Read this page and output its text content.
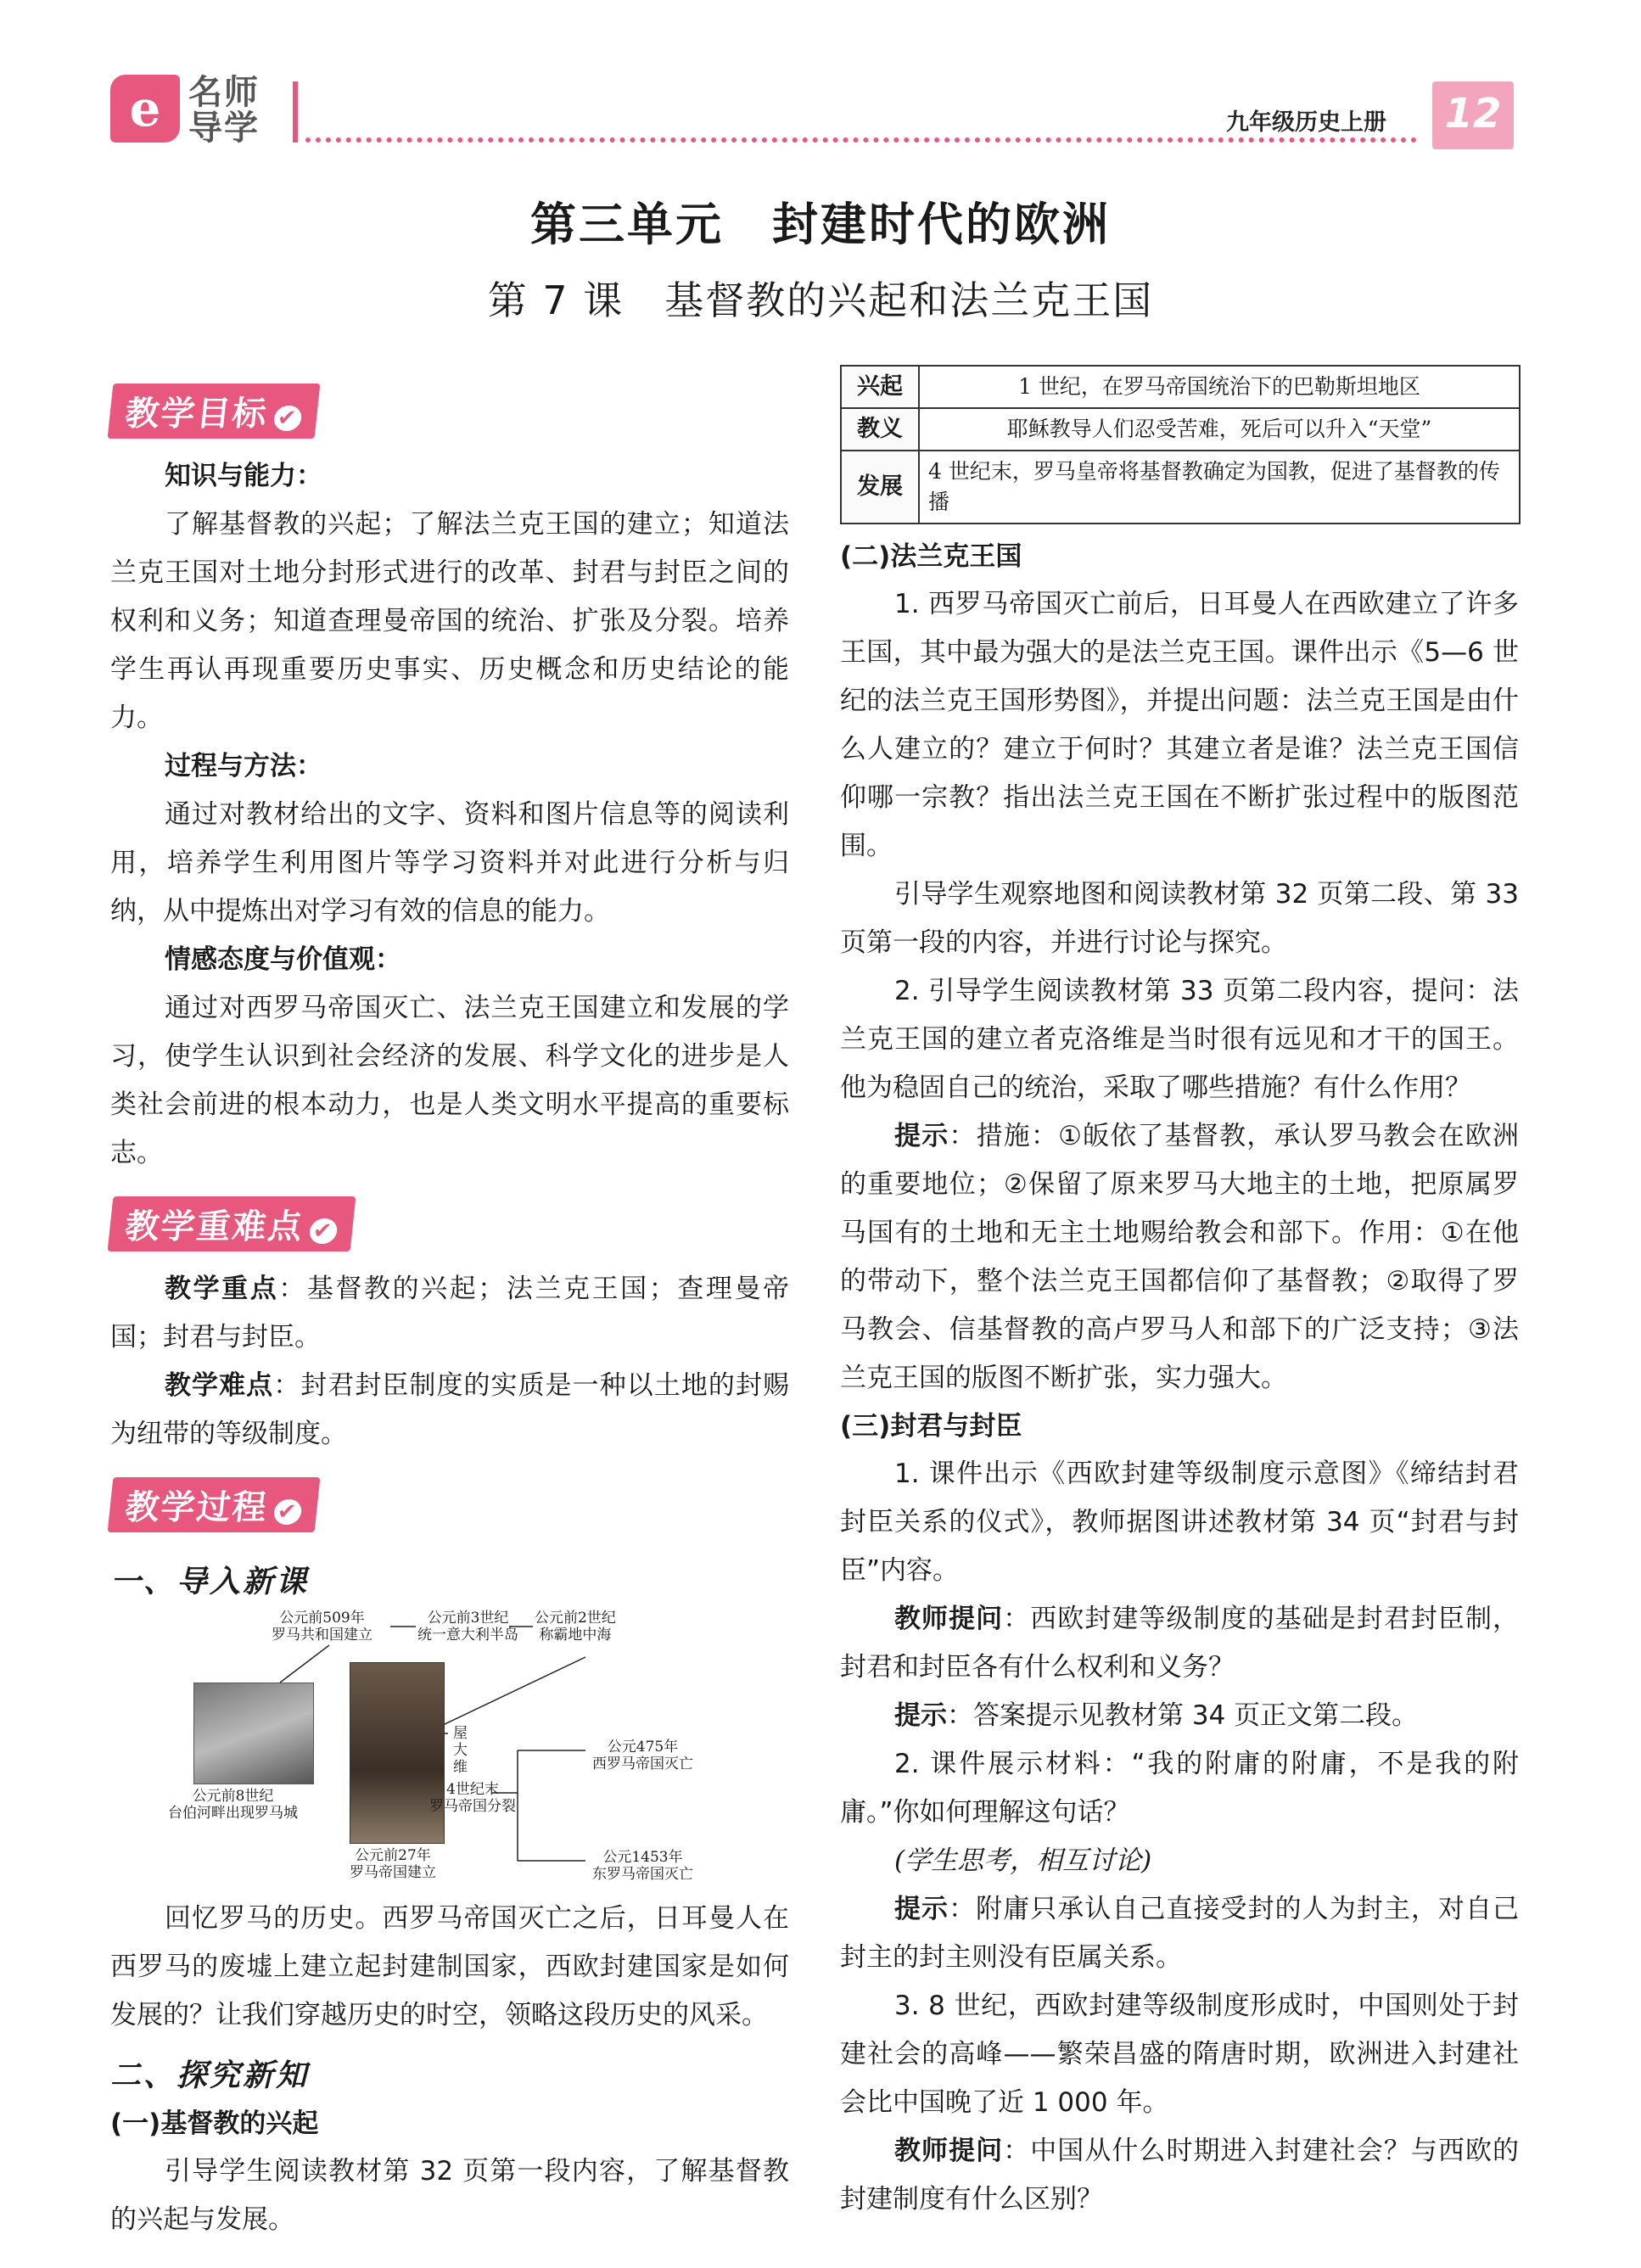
e 名师
导学	九年级历史上册	12
第三单元　封建时代的欧洲
第 7 课　基督教的兴起和法兰克王国
教学目标 ✔

知识与能力：

了解基督教的兴起；了解法兰克王国的建立；知道法兰克王国对土地分封形式进行的改革、封君与封臣之间的权利和义务；知道查理曼帝国的统治、扩张及分裂。培养学生再认再现重要历史事实、历史概念和历史结论的能力。

过程与方法：

通过对教材给出的文字、资料和图片信息等的阅读利用，培养学生利用图片等学习资料并对此进行分析与归纳，从中提炼出对学习有效的信息的能力。

情感态度与价值观：

通过对西罗马帝国灭亡、法兰克王国建立和发展的学习，使学生认识到社会经济的发展、科学文化的进步是人类社会前进的根本动力，也是人类文明水平提高的重要标志。

教学重难点 ✔

教学重点：基督教的兴起；法兰克王国；查理曼帝国；封君与封臣。

教学难点：封君封臣制度的实质是一种以土地的封赐为纽带的等级制度。

教学过程 ✔
一、导入新课
公元前509年
罗马共和国建立
公元前3世纪
统一意大利半岛
公元前2世纪
称霸地中海
公元前8世纪
台伯河畔出现罗马城
公元前27年
罗马帝国建立
屋
大
维
4世纪末
罗马帝国分裂
公元475年
西罗马帝国灭亡
公元1453年
东罗马帝国灭亡

回忆罗马的历史。西罗马帝国灭亡之后，日耳曼人在西罗马的废墟上建立起封建制国家，西欧封建国家是如何发展的？让我们穿越历史的时空，领略这段历史的风采。

二、探究新知
(一)基督教的兴起

引导学生阅读教材第 32 页第一段内容，了解基督教的兴起与发展。

兴起	1 世纪，在罗马帝国统治下的巴勒斯坦地区
教义	耶稣教导人们忍受苦难，死后可以升入“天堂”
发展	4 世纪末，罗马皇帝将基督教确定为国教，促进了基督教的传播
(二)法兰克王国

1. 西罗马帝国灭亡前后，日耳曼人在西欧建立了许多王国，其中最为强大的是法兰克王国。课件出示《5—6 世纪的法兰克王国形势图》，并提出问题：法兰克王国是由什么人建立的？建立于何时？其建立者是谁？法兰克王国信仰哪一宗教？指出法兰克王国在不断扩张过程中的版图范围。

引导学生观察地图和阅读教材第 32 页第二段、第 33 页第一段的内容，并进行讨论与探究。

2. 引导学生阅读教材第 33 页第二段内容，提问：法兰克王国的建立者克洛维是当时很有远见和才干的国王。他为稳固自己的统治，采取了哪些措施？有什么作用？

提示：措施：①皈依了基督教，承认罗马教会在欧洲的重要地位；②保留了原来罗马大地主的土地，把原属罗马国有的土地和无主土地赐给教会和部下。作用：①在他的带动下，整个法兰克王国都信仰了基督教；②取得了罗马教会、信基督教的高卢罗马人和部下的广泛支持；③法兰克王国的版图不断扩张，实力强大。

(三)封君与封臣

1. 课件出示《西欧封建等级制度示意图》《缔结封君封臣关系的仪式》，教师据图讲述教材第 34 页“封君与封臣”内容。

教师提问：西欧封建等级制度的基础是封君封臣制，封君和封臣各有什么权利和义务？

提示：答案提示见教材第 34 页正文第二段。

2. 课件展示材料：“我的附庸的附庸，不是我的附庸。”你如何理解这句话？

(学生思考，相互讨论)

提示：附庸只承认自己直接受封的人为封主，对自己封主的封主则没有臣属关系。

3. 8 世纪，西欧封建等级制度形成时，中国则处于封建社会的高峰——繁荣昌盛的隋唐时期，欧洲进入封建社会比中国晚了近 1 000 年。

教师提问：中国从什么时期进入封建社会？与西欧的封建制度有什么区别？
